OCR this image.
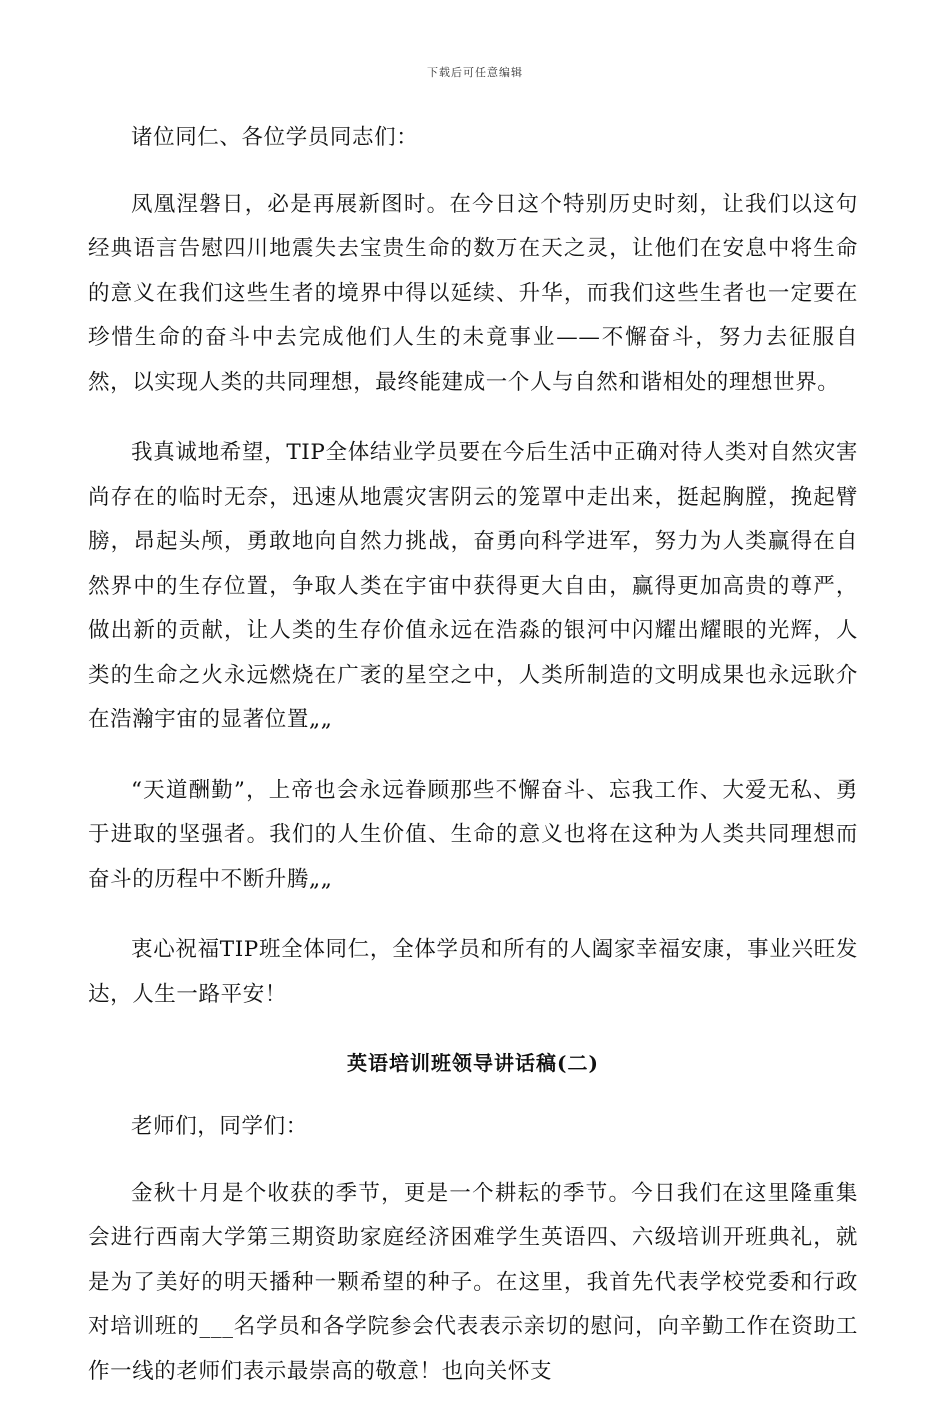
下载后可任意编辑

诸位同仁、各位学员同志们：

凤凰涅磐日，必是再展新图时。在今日这个特别历史时刻，让我们以这句经典语言告慰四川地震失去宝贵生命的数万在天之灵，让他们在安息中将生命的意义在我们这些生者的境界中得以延续、升华，而我们这些生者也一定要在珍惜生命的奋斗中去完成他们人生的未竟事业——不懈奋斗，努力去征服自然，以实现人类的共同理想，最终能建成一个人与自然和谐相处的理想世界。

我真诚地希望，TIP全体结业学员要在今后生活中正确对待人类对自然灾害尚存在的临时无奈，迅速从地震灾害阴云的笼罩中走出来，挺起胸膛，挽起臂膀，昂起头颅，勇敢地向自然力挑战，奋勇向科学进军，努力为人类赢得在自然界中的生存位置，争取人类在宇宙中获得更大自由，赢得更加高贵的尊严，做出新的贡献，让人类的生存价值永远在浩淼的银河中闪耀出耀眼的光辉，人类的生命之火永远燃烧在广袤的星空之中，人类所制造的文明成果也永远耿介在浩瀚宇宙的显著位置„„

“天道酬勤”，上帝也会永远眷顾那些不懈奋斗、忘我工作、大爱无私、勇于进取的坚强者。我们的人生价值、生命的意义也将在这种为人类共同理想而奋斗的历程中不断升腾„„

衷心祝福TIP班全体同仁，全体学员和所有的人阖家幸福安康，事业兴旺发达，人生一路平安！

英语培训班领导讲话稿(二)

老师们，同学们：

金秋十月是个收获的季节，更是一个耕耘的季节。今日我们在这里隆重集会进行西南大学第三期资助家庭经济困难学生英语四、六级培训开班典礼，就是为了美好的明天播种一颗希望的种子。在这里，我首先代表学校党委和行政对培训班的___名学员和各学院参会代表表示亲切的慰问，向辛勤工作在资助工作一线的老师们表示最崇高的敬意！也向关怀支
